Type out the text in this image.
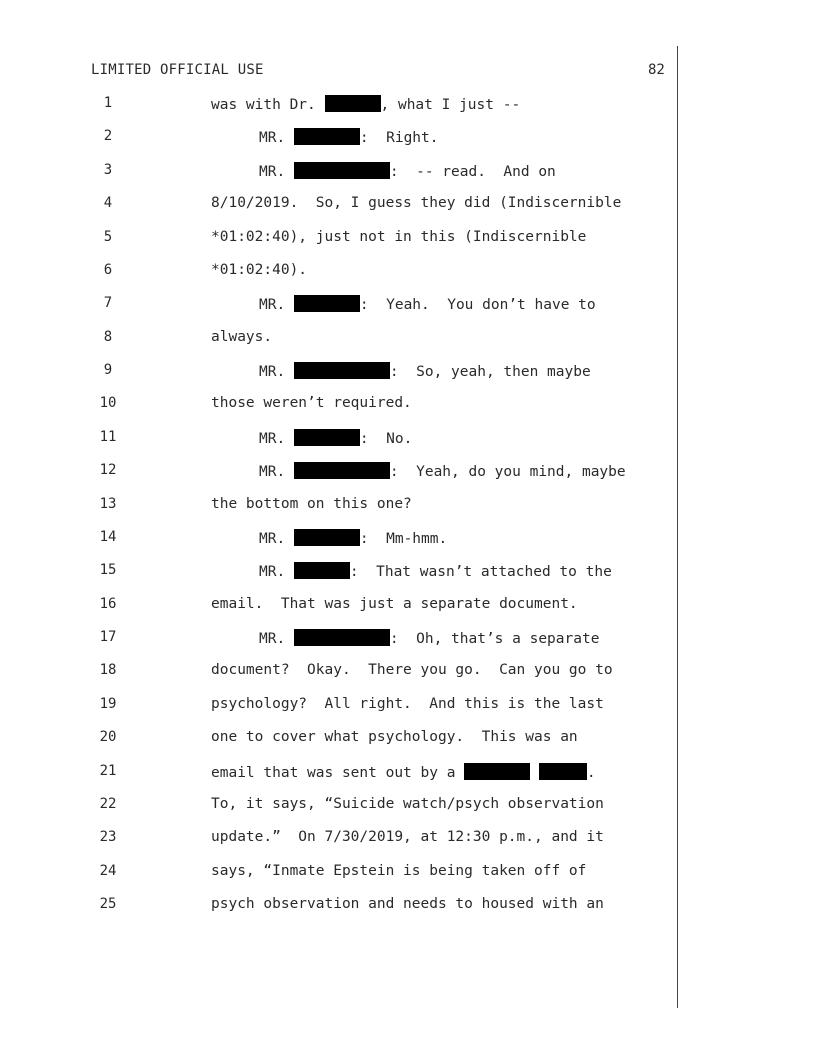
LIMITED OFFICIAL USE	82
1	was with Dr.	, what I just --
2	MR.	:  Right.
3	MR.	:  -- read.  And on
4	8/10/2019.  So, I guess they did (Indiscernible
5	*01:02:40), just not in this (Indiscernible
6	*01:02:40).
7	MR.	:  Yeah.  You don’t have to
8	always.
9	MR.	:  So, yeah, then maybe
10	those weren’t required.
11	MR.	:  No.
12	MR.	:  Yeah, do you mind, maybe
13	the bottom on this one?
14	MR.	:  Mm-hmm.
15	MR.	:  That wasn’t attached to the
16	email.  That was just a separate document.
17	MR.	:  Oh, that’s a separate
18	document?  Okay.  There you go.  Can you go to
19	psychology?  All right.  And this is the last
20	one to cover what psychology.  This was an
21	email that was sent out by a	.
22	To, it says, “Suicide watch/psych observation
23	update.”  On 7/30/2019, at 12:30 p.m., and it
24	says, “Inmate Epstein is being taken off of
25	psych observation and needs to housed with an
